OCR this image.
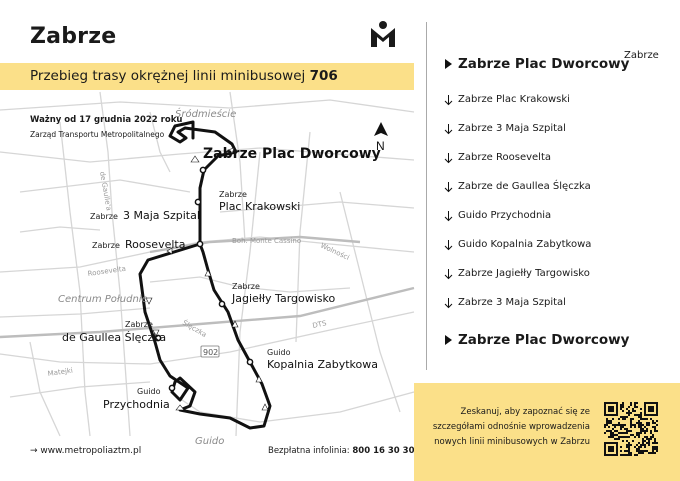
Zabrze
Przebieg trasy okrężnej linii minibusowej 706
N
Śródmieście
Centrum Południe
Guido
de Gaulle'a
Boh. Monte Cassino
Wolności
Roosevelta
Ślęczka
Matejki
DTS
902
Ważny od 17 grudnia 2022 roku
Zarząd Transportu Metropolitalnego
Zabrze Plac Dworcowy
Zabrze
Plac Krakowski
Zabrze 3 Maja Szpital
Zabrze Roosevelta
Zabrze
Jagiełły Targowisko
Zabrze
de Gaullea Ślęczka
Guido
Kopalnia Zabytkowa
Guido
Przychodnia
→ www.metropoliaztm.pl	Bezpłatna infolinia: 800 16 30 30
Zabrze
Zabrze Plac Dworcowy
Zabrze Plac Krakowski
Zabrze 3 Maja Szpital
Zabrze Roosevelta
Zabrze de Gaullea Ślęczka
Guido Przychodnia
Guido Kopalnia Zabytkowa
Zabrze Jagiełły Targowisko
Zabrze 3 Maja Szpital
Zabrze Plac Dworcowy
Zeskanuj, aby zapoznać się ze szczegółami odnośnie wprowadzenia nowych linii minibusowych w Zabrzu
